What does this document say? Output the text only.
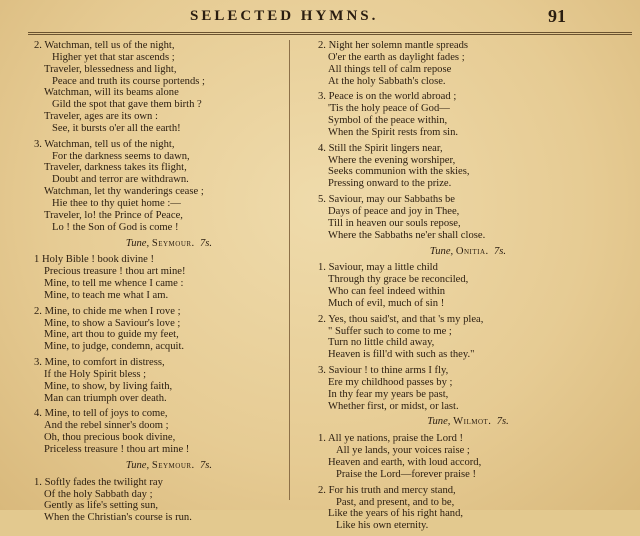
SELECTED HYMNS.	91
2. Watchman, tell us of the night,
Higher yet that star ascends ;
Traveler, blessedness and light,
Peace and truth its course portends ;
Watchman, will its beams alone
Gild the spot that gave them birth ?
Traveler, ages are its own :
See, it bursts o'er all the earth!
3. Watchman, tell us of the night,
For the darkness seems to dawn,
Traveler, darkness takes its flight,
Doubt and terror are withdrawn.
Watchman, let thy wanderings cease ;
Hie thee to thy quiet home :—
Traveler, lo! the Prince of Peace,
Lo ! the Son of God is come !
Tune, Seymour. 7s.
1 Holy Bible ! book divine !
Precious treasure ! thou art mine!
Mine, to tell me whence I came :
Mine, to teach me what I am.
2. Mine, to chide me when I rove ;
Mine, to show a Saviour's love ;
Mine, art thou to guide my feet,
Mine, to judge, condemn, acquit.
3. Mine, to comfort in distress,
If the Holy Spirit bless ;
Mine, to show, by living faith,
Man can triumph over death.
4. Mine, to tell of joys to come,
And the rebel sinner's doom ;
Oh, thou precious book divine,
Priceless treasure ! thou art mine !
Tune, Seymour. 7s.
1. Softly fades the twilight ray
Of the holy Sabbath day ;
Gently as life's setting sun,
When the Christian's course is run.
2. Night her solemn mantle spreads
O'er the earth as daylight fades ;
All things tell of calm repose
At the holy Sabbath's close.
3. Peace is on the world abroad ;
'Tis the holy peace of God—
Symbol of the peace within,
When the Spirit rests from sin.
4. Still the Spirit lingers near,
Where the evening worshiper,
Seeks communion with the skies,
Pressing onward to the prize.
5. Saviour, may our Sabbaths be
Days of peace and joy in Thee,
Till in heaven our souls repose,
Where the Sabbaths ne'er shall close.
Tune, Onitia. 7s.
1. Saviour, may a little child
Through thy grace be reconciled,
Who can feel indeed within
Much of evil, much of sin !
2. Yes, thou said'st, and that 's my plea,
" Suffer such to come to me ;
Turn no little child away,
Heaven is fill'd with such as they."
3. Saviour ! to thine arms I fly,
Ere my childhood passes by ;
In thy fear my years be past,
Whether first, or midst, or last.
Tune, Wilmot. 7s.
1. All ye nations, praise the Lord !
All ye lands, your voices raise ;
Heaven and earth, with loud accord,
Praise the Lord—forever praise !
2. For his truth and mercy stand,
Past, and present, and to be,
Like the years of his right hand,
Like his own eternity.
